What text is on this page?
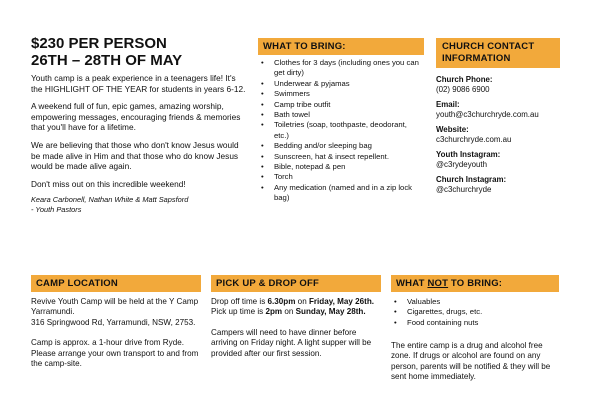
$230 PER PERSON
26TH – 28TH OF MAY

Youth camp is a peak experience in a teenagers life! It's the HIGHLIGHT OF THE YEAR for students in years 6-12.

A weekend full of fun, epic games, amazing worship, empowering messages, encouraging friends & memories that you'll have for a lifetime.

We are believing that those who don't know Jesus would be made alive in Him and that those who do know Jesus would be made alive again.

Don't miss out on this incredible weekend!

Keara Carbonell, Nathan White & Matt Sapsford

- Youth Pastors

WHAT TO BRING:
• Clothes for 3 days (including ones you can get dirty)
• Underwear & pyjamas
• Swimmers
• Camp tribe outfit
• Bath towel
• Toiletries (soap, toothpaste, deodorant, etc.)
• Bedding and/or sleeping bag
• Sunscreen, hat & insect repellent.
• Bible, notepad & pen
• Torch
• Any medication (named and in a zip lock bag)
CHURCH CONTACT INFORMATION
Church Phone:
(02) 9086 6900
Email:
youth@c3churchryde.com.au
Website:
c3churchryde.com.au
Youth Instagram:
@c3rydeyouth
Church Instagram:
@c3churchryde
CAMP LOCATION

Revive Youth Camp will be held at the Y Camp Yarramundi.

316 Springwood Rd, Yarramundi, NSW, 2753.

Camp is approx. a 1-hour drive from Ryde. Please arrange your own transport to and from the camp-site.

PICK UP & DROP OFF

Drop off time is 6.30pm on Friday, May 26th.

Pick up time is 2pm on Sunday, May 28th.

Campers will need to have dinner before arriving on Friday night. A light supper will be provided after our first session.

WHAT NOT TO BRING:
• Valuables
• Cigarettes, drugs, etc.
• Food containing nuts

The entire camp is a drug and alcohol free zone. If drugs or alcohol are found on any person, parents will be notified & they will be sent home immediately.
